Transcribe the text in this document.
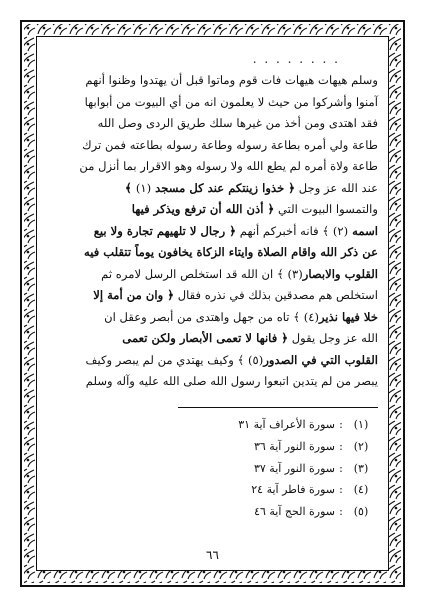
. . . . . . . .

وسلم هيهات هيهات فات قوم وماتوا قبل أن يهتدوا وظنوا أنهم

آمنوا وأشركوا من حيث لا يعلمون انه من أي البيوت من أبوابها

فقد اهتدى ومن أخذ من غيرها سلك طريق الردى وصل الله

طاعة ولي أمره بطاعة رسوله وطاعة رسوله بطاعته فمن ترك

طاعة ولاة أمره لم يطع الله ولا رسوله وهو الاقرار بما أنزل من

عند الله عز وجل ﴿ خذوا زينتكم عند كل مسجد (١) ﴾

والتمسوا البيوت التي ﴿ أذن الله أن ترفع ويذكر فيها

اسمه (٢) ﴾ فانه أخبركم أنهم ﴿ رجال لا تلهيهم تجارة ولا بيع

عن ذكر الله واقام الصلاة وايتاء الزكاة يخافون يوماً تتقلب فيه

القلوب والابصار(٣) ﴾ ان الله قد استخلص الرسل لامره ثم

استخلص هم مصدقين بذلك في نذره فقال ﴿ وان من أمة إلا

خلا فيها نذير(٤) ﴾ تاه من جهل واهتدى من أبصر وعقل ان

الله عز وجل يقول ﴿ فانها لا تعمى الأبصار ولكن تعمى

القلوب التي في الصدور(٥) ﴾ وكيف يهتدي من لم يبصر وكيف

يبصر من لم يتدين اتبعوا رسول الله صلى الله عليه وآله وسلم

(١)
:
سورة الأعراف آية ٣١
(٢)
:
سورة النور آية ٣٦
(٣)
:
سورة النور آية ٣٧
(٤)
:
سورة فاطر آية ٢٤
(٥)
:
سورة الحج آية ٤٦
٦٦
